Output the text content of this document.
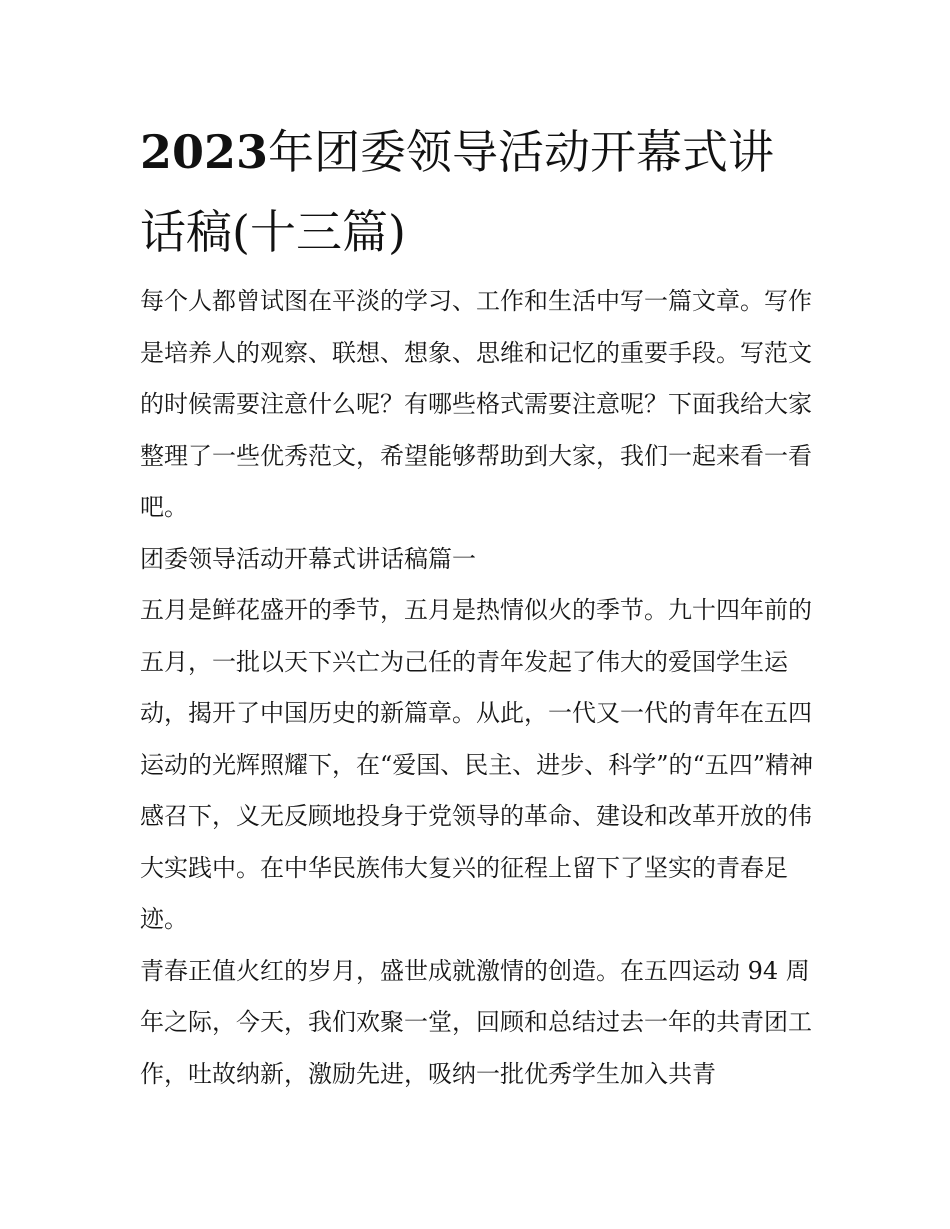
2023年团委领导活动开幕式讲话稿(十三篇)

每个人都曾试图在平淡的学习、工作和生活中写一篇文章。写作是培养人的观察、联想、想象、思维和记忆的重要手段。写范文的时候需要注意什么呢？有哪些格式需要注意呢？下面我给大家整理了一些优秀范文，希望能够帮助到大家，我们一起来看一看吧。

团委领导活动开幕式讲话稿篇一

五月是鲜花盛开的季节，五月是热情似火的季节。九十四年前的五月，一批以天下兴亡为己任的青年发起了伟大的爱国学生运动，揭开了中国历史的新篇章。从此，一代又一代的青年在五四运动的光辉照耀下，在“爱国、民主、进步、科学”的“五四”精神感召下，义无反顾地投身于党领导的革命、建设和改革开放的伟大实践中。在中华民族伟大复兴的征程上留下了坚实的青春足迹。

青春正值火红的岁月，盛世成就激情的创造。在五四运动 94 周年之际，今天，我们欢聚一堂，回顾和总结过去一年的共青团工作，吐故纳新，激励先进，吸纳一批优秀学生加入共青
